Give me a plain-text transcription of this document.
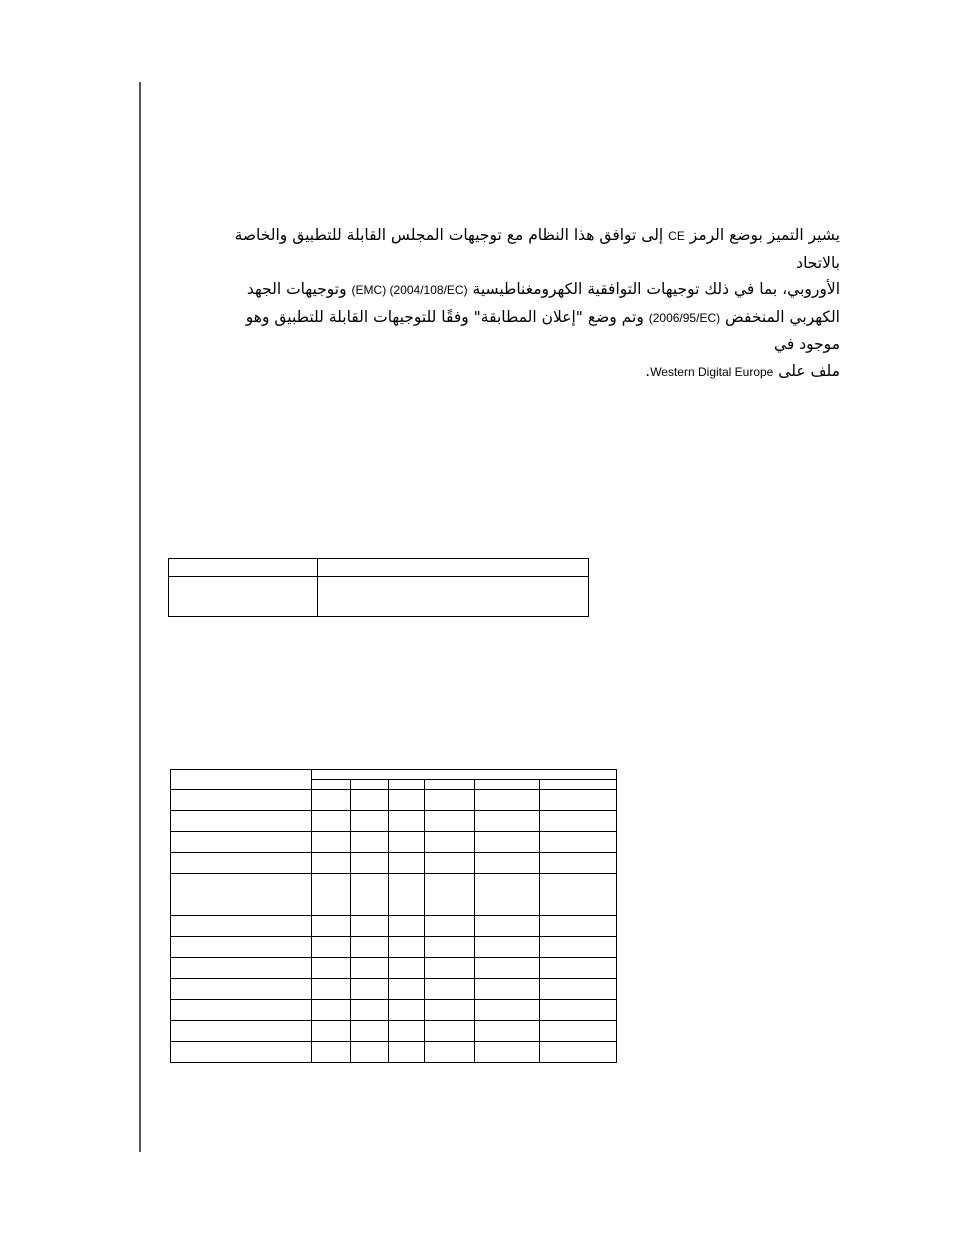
يشير التميز بوضع الرمز CE إلى توافق هذا النظام مع توجيهات المجلس القابلة للتطبيق والخاصة بالاتحاد
الأوروبي، بما في ذلك توجيهات التوافقية الكهرومغناطيسية (EMC) (2004/108/EC) وتوجيهات الجهد
الكهربي المنخفض (2006/95/EC) وتم وضع "إعلان المطابقة" وفقًا للتوجيهات القابلة للتطبيق وهو موجود في
ملف على Western Digital Europe.
